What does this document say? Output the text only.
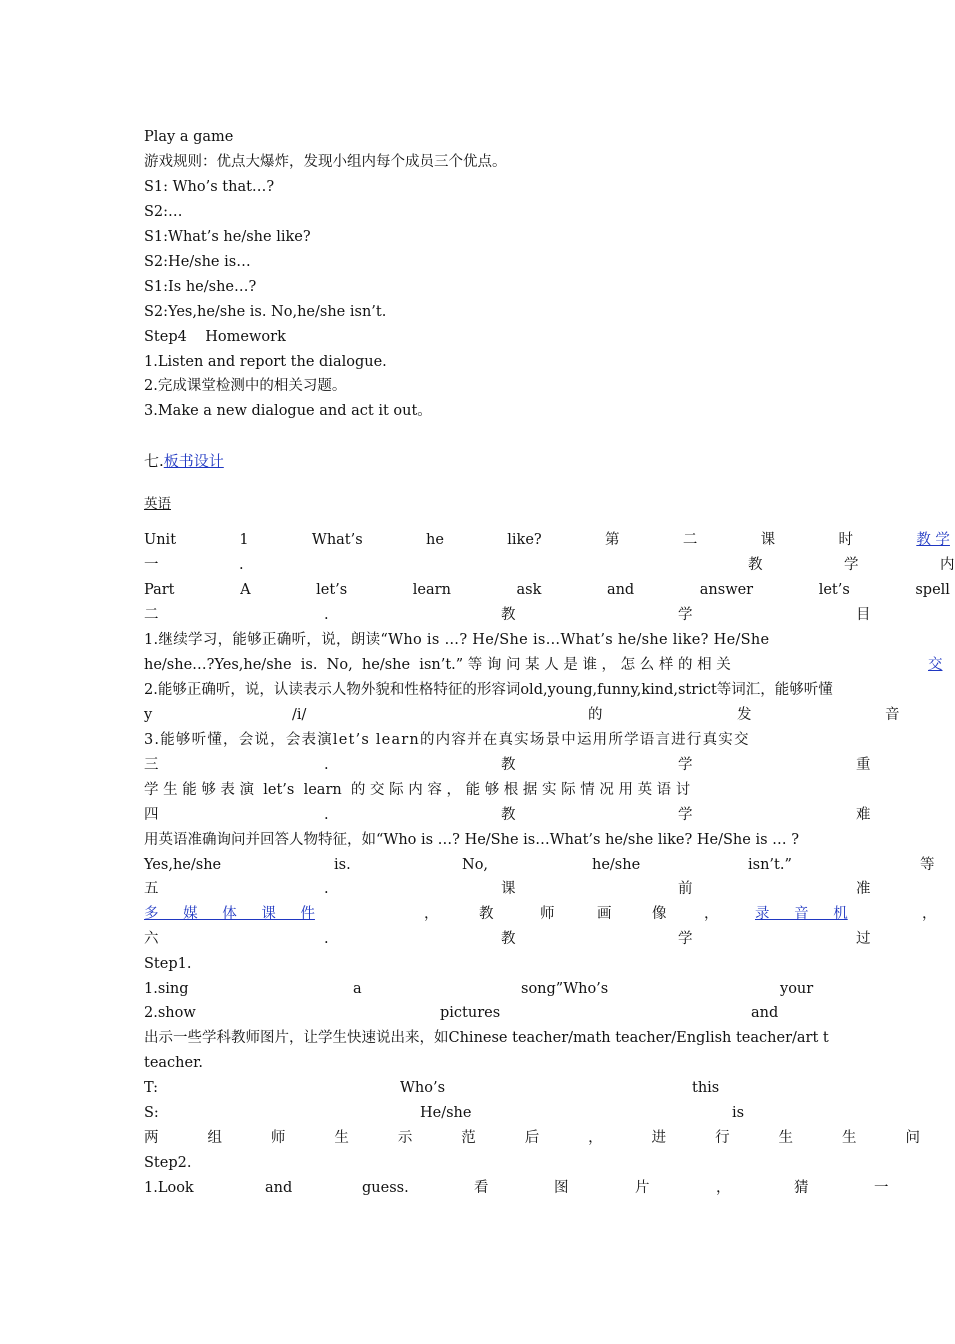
Play a game
游戏规则：优点大爆炸，发现小组内每个成员三个优点。
S1: Who’s that…?
S2:…
S1:What’s he/she like?
S2:He/she is…
S1:Is he/she…?
S2:Yes,he/she is. No,he/she isn’t.
Step4    Homework
1.Listen and report the dialogue.
2.完成课堂检测中的相关习题。
3.Make a new dialogue and act it out。
七.板书设计
英语
Unit	1	What’s	he	like?	第	二	课	时	教 学
一	.	教	学	内
Part	A	let’s	learn	ask	and	answer	let’s	spell
二	.	教	学	目
1.继续学习，能够正确听，说，朗读“Who is …? He/She is…What’s he/she like? He/She
he/she…?Yes,he/she  is.  No,  he/she  isn’t.” 等 询 问 某 人 是 谁 ， 怎 么 样 的 相 关	交
2.能够正确听，说，认读表示人物外貌和性格特征的形容词old,young,funny,kind,strict等词汇，能够听懂
y	/i/	的	发	音
3.能够听懂，会说，会表演let’s learn的内容并在真实场景中运用所学语言进行真实交
三	.	教	学	重
学 生 能 够 表 演  let’s  learn  的 交 际 内 容 ， 能 够 根 据 实 际 情 况 用 英 语 讨
四	.	教	学	难
用英语准确询问并回答人物特征，如“Who is …? He/She is…What’s he/she like? He/She is … ?
Yes,he/she	is.	No,	he/she	isn’t.”	等
五	.	课	前	准
多 媒 体 课 件	，	教	师	画	像	，	录 音 机	，
六	.	教	学	过
Step1.
1.sing	a	song”Who’s	your
2.show	pictures	and
出示一些学科教师图片，让学生快速说出来，如Chinese teacher/math teacher/English teacher/art t
teacher.
T:	Who’s	this
S:	He/she	is
两	组	师	生	示	范	后	，	进	行	生	生	问
Step2.
1.Look	and	guess.	看	图	片	，	猜	一
